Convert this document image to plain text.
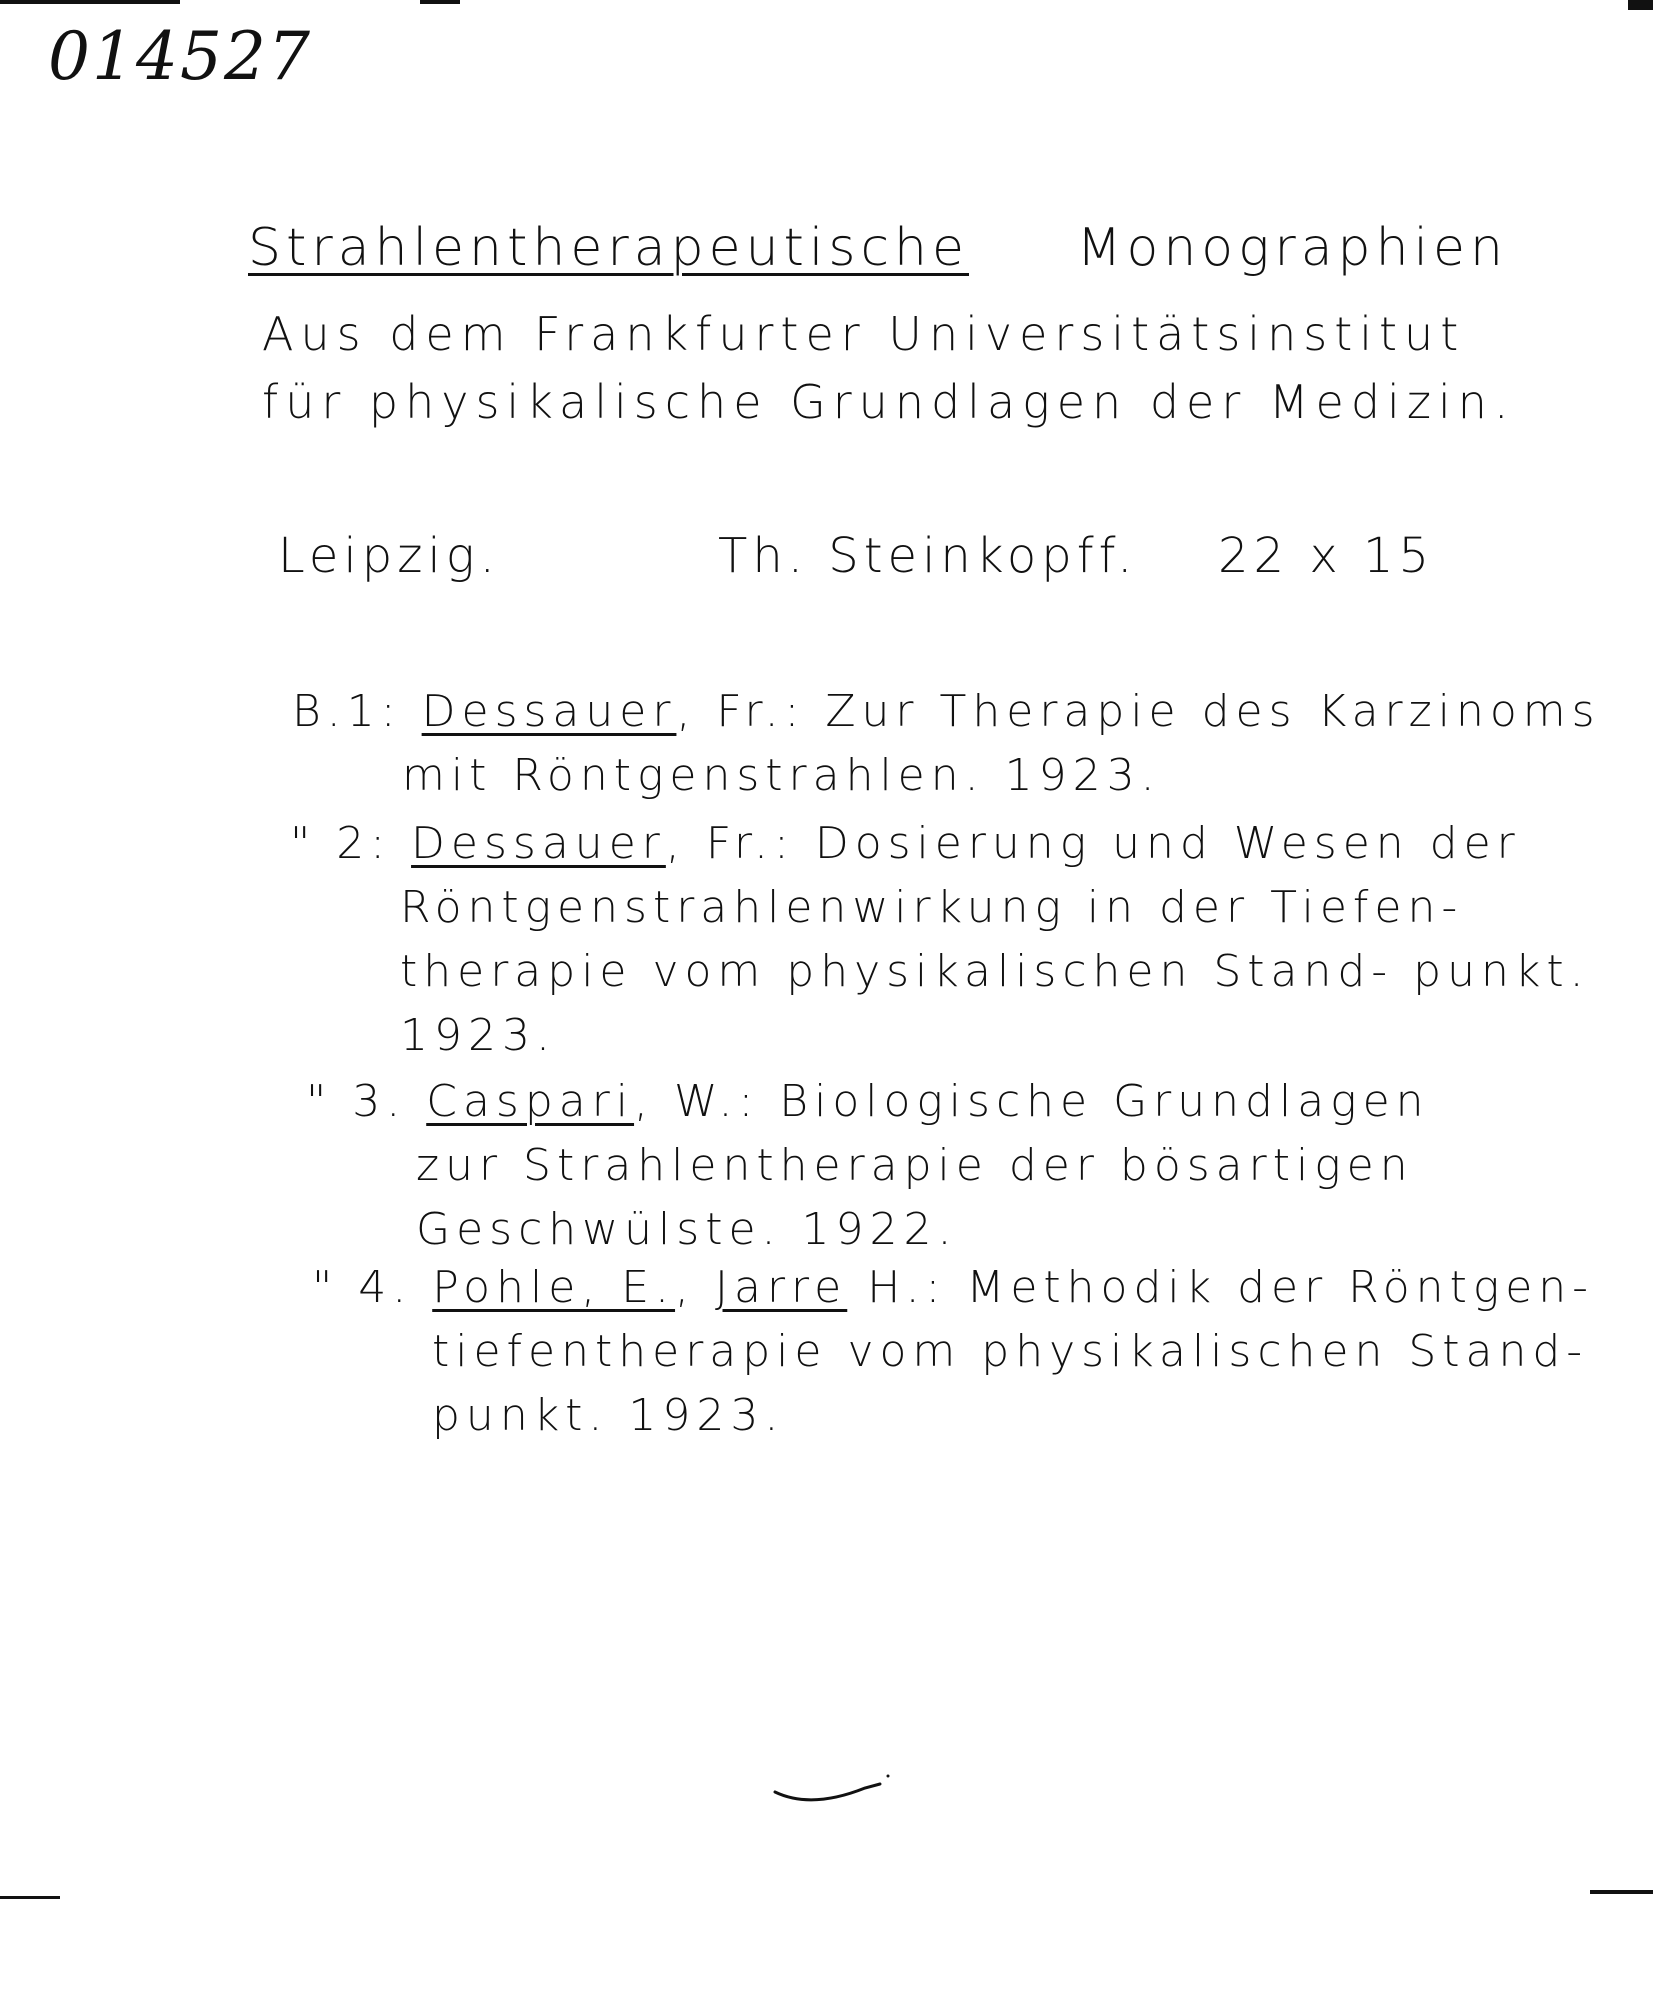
014527
Strahlentherapeutische Monographien
Aus dem Frankfurter Universitätsinstitut für physikalische Grundlagen der Medizin.
Leipzig.	Th. Steinkopff. 22 x 15
B.1: Dessauer, Fr.: Zur Therapie des Karzinoms
mit Röntgenstrahlen. 1923.
" 2: Dessauer, Fr.: Dosierung und Wesen der
Röntgenstrahlenwirkung in der Tiefen- therapie vom physikalischen Stand- punkt. 1923.
" 3. Caspari, W.: Biologische Grundlagen
zur Strahlentherapie der bösartigen Geschwülste. 1922.
" 4. Pohle, E., Jarre H.: Methodik der Röntgen-
tiefentherapie vom physikalischen Stand- punkt. 1923.
